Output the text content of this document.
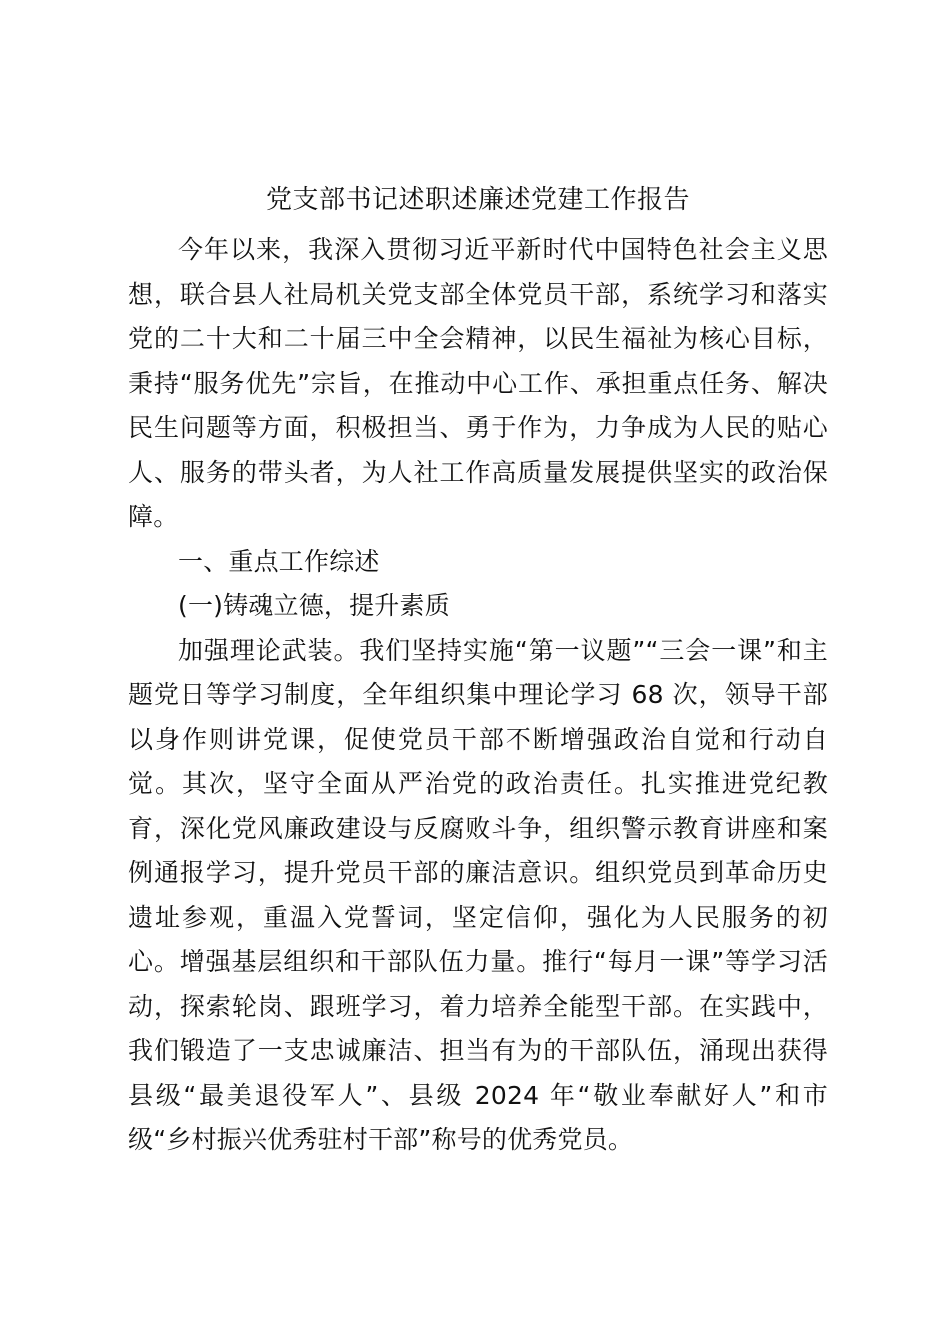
党支部书记述职述廉述党建工作报告

今年以来，我深入贯彻习近平新时代中国特色社会主义思想，联合县人社局机关党支部全体党员干部，系统学习和落实党的二十大和二十届三中全会精神，以民生福祉为核心目标，秉持“服务优先”宗旨，在推动中心工作、承担重点任务、解决民生问题等方面，积极担当、勇于作为，力争成为人民的贴心人、服务的带头者，为人社工作高质量发展提供坚实的政治保障。

一、重点工作综述

(一)铸魂立德，提升素质

加强理论武装。我们坚持实施“第一议题”“三会一课”和主题党日等学习制度，全年组织集中理论学习 68 次，领导干部以身作则讲党课，促使党员干部不断增强政治自觉和行动自觉。其次，坚守全面从严治党的政治责任。扎实推进党纪教育，深化党风廉政建设与反腐败斗争，组织警示教育讲座和案例通报学习，提升党员干部的廉洁意识。组织党员到革命历史遗址参观，重温入党誓词，坚定信仰，强化为人民服务的初心。增强基层组织和干部队伍力量。推行“每月一课”等学习活动，探索轮岗、跟班学习，着力培养全能型干部。在实践中，我们锻造了一支忠诚廉洁、担当有为的干部队伍，涌现出获得县级“最美退役军人”、县级 2024 年“敬业奉献好人”和市级“乡村振兴优秀驻村干部”称号的优秀党员。
